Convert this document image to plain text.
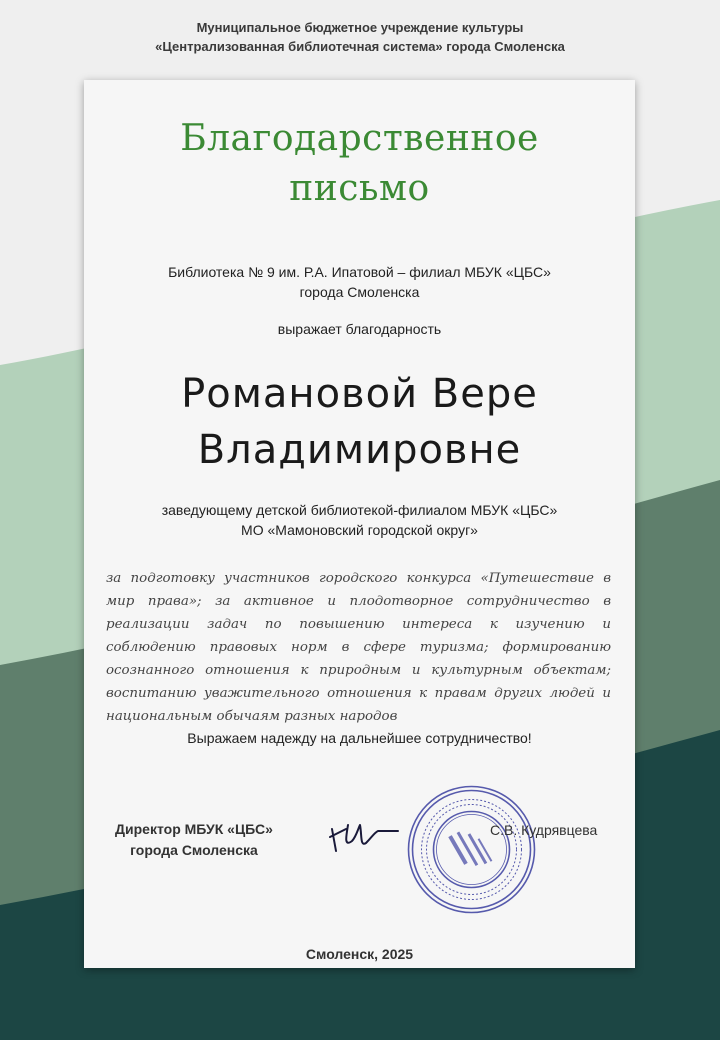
Муниципальное бюджетное учреждение культуры
«Централизованная библиотечная система» города Смоленска
Благодарственное
письмо
Библиотека № 9 им. Р.А. Ипатовой – филиал МБУК «ЦБС»
города Смоленска
выражает благодарность
Романовой Вере
Владимировне
заведующему детской библиотекой-филиалом МБУК «ЦБС»
МО «Мамоновский городской округ»
за подготовку участников городского конкурса «Путешествие в мир права»; за активное и плодотворное сотрудничество в реализации задач по повышению интереса к изучению и соблюдению правовых норм в сфере туризма; формированию осознанного отношения к природным и культурным объектам; воспитанию уважительного отношения к правам других людей и национальным обычаям разных народов
Выражаем надежду на дальнейшее сотрудничество!
Директор МБУК «ЦБС»
города Смоленска
С.В. Кудрявцева
Смоленск, 2025
